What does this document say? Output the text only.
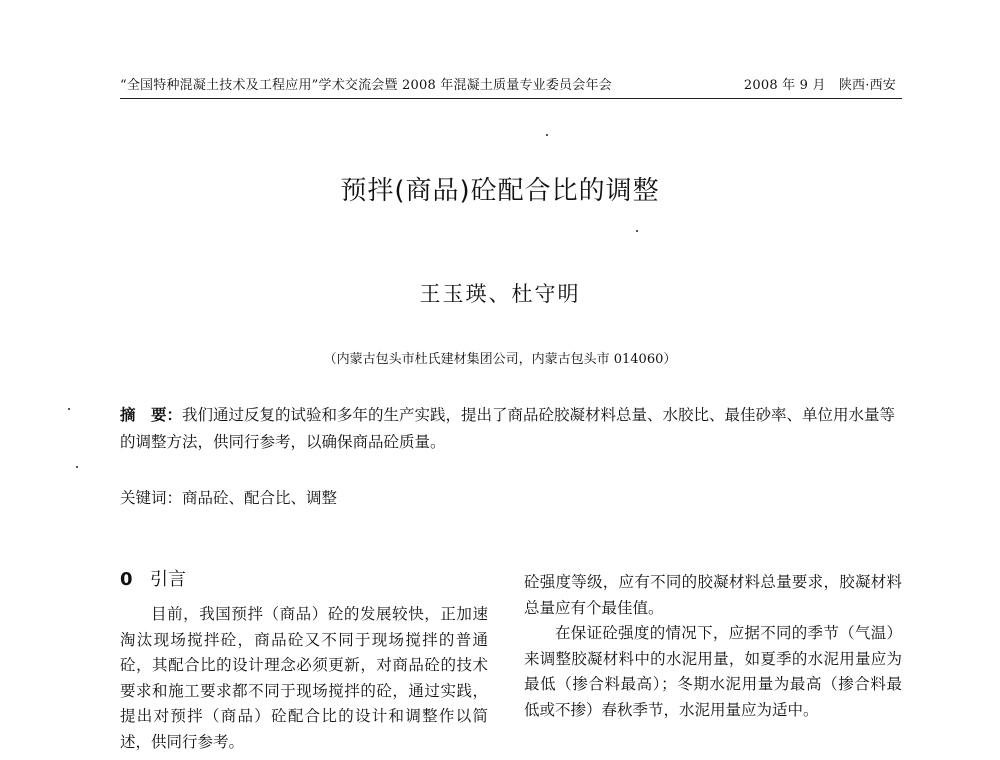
“全国特种混凝土技术及工程应用”学术交流会暨 2008 年混凝土质量专业委员会年会	2008 年 9 月　陕西·西安
预拌(商品)砼配合比的调整
王玉瑛、杜守明
（内蒙古包头市杜氏建材集团公司，内蒙古包头市 014060）
摘　要：我们通过反复的试验和多年的生产实践，提出了商品砼胶凝材料总量、水胶比、最佳砂率、单位用水量等的调整方法，供同行参考，以确保商品砼质量。
关键词：商品砼、配合比、调整
0 引言

目前，我国预拌（商品）砼的发展较快，正加速淘汰现场搅拌砼，商品砼又不同于现场搅拌的普通砼，其配合比的设计理念必须更新，对商品砼的技术要求和施工要求都不同于现场搅拌的砼，通过实践，提出对预拌（商品）砼配合比的设计和调整作以简述，供同行参考。

砼强度等级，应有不同的胶凝材料总量要求，胶凝材料总量应有个最佳值。

在保证砼强度的情况下，应据不同的季节（气温）来调整胶凝材料中的水泥用量，如夏季的水泥用量应为最低（掺合料最高）；冬期水泥用量为最高（掺合料最低或不掺）春秋季节，水泥用量应为适中。
